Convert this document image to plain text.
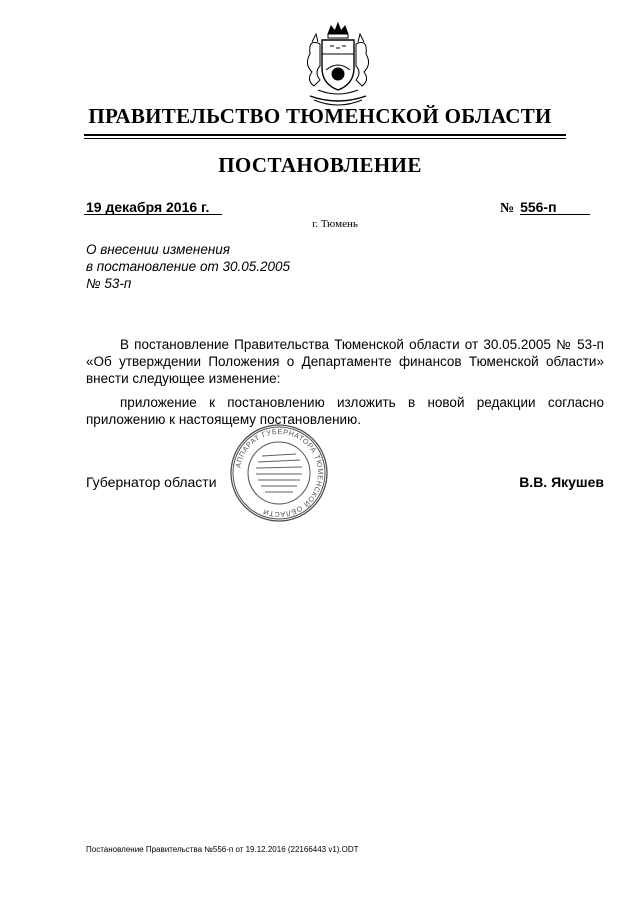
ПРАВИТЕЛЬСТВО ТЮМЕНСКОЙ ОБЛАСТИ
ПОСТАНОВЛЕНИЕ
19 декабря 2016 г.	№ 556-п
г. Тюмень
О внесении изменения
в постановление от 30.05.2005
№ 53-п

В постановление Правительства Тюменской области от 30.05.2005 № 53-п «Об утверждении Положения о Департаменте финансов Тюменской области» внести следующее изменение:

приложение к постановлению изложить в новой редакции согласно приложению к настоящему постановлению.

АППАРАТ ГУБЕРНАТОРА ТЮМЕНСКОЙ ОБЛАСТИ
Губернатор области	В.В. Якушев
Постановление Правительства №556-п от 19.12.2016 (22166443 v1).ODT
